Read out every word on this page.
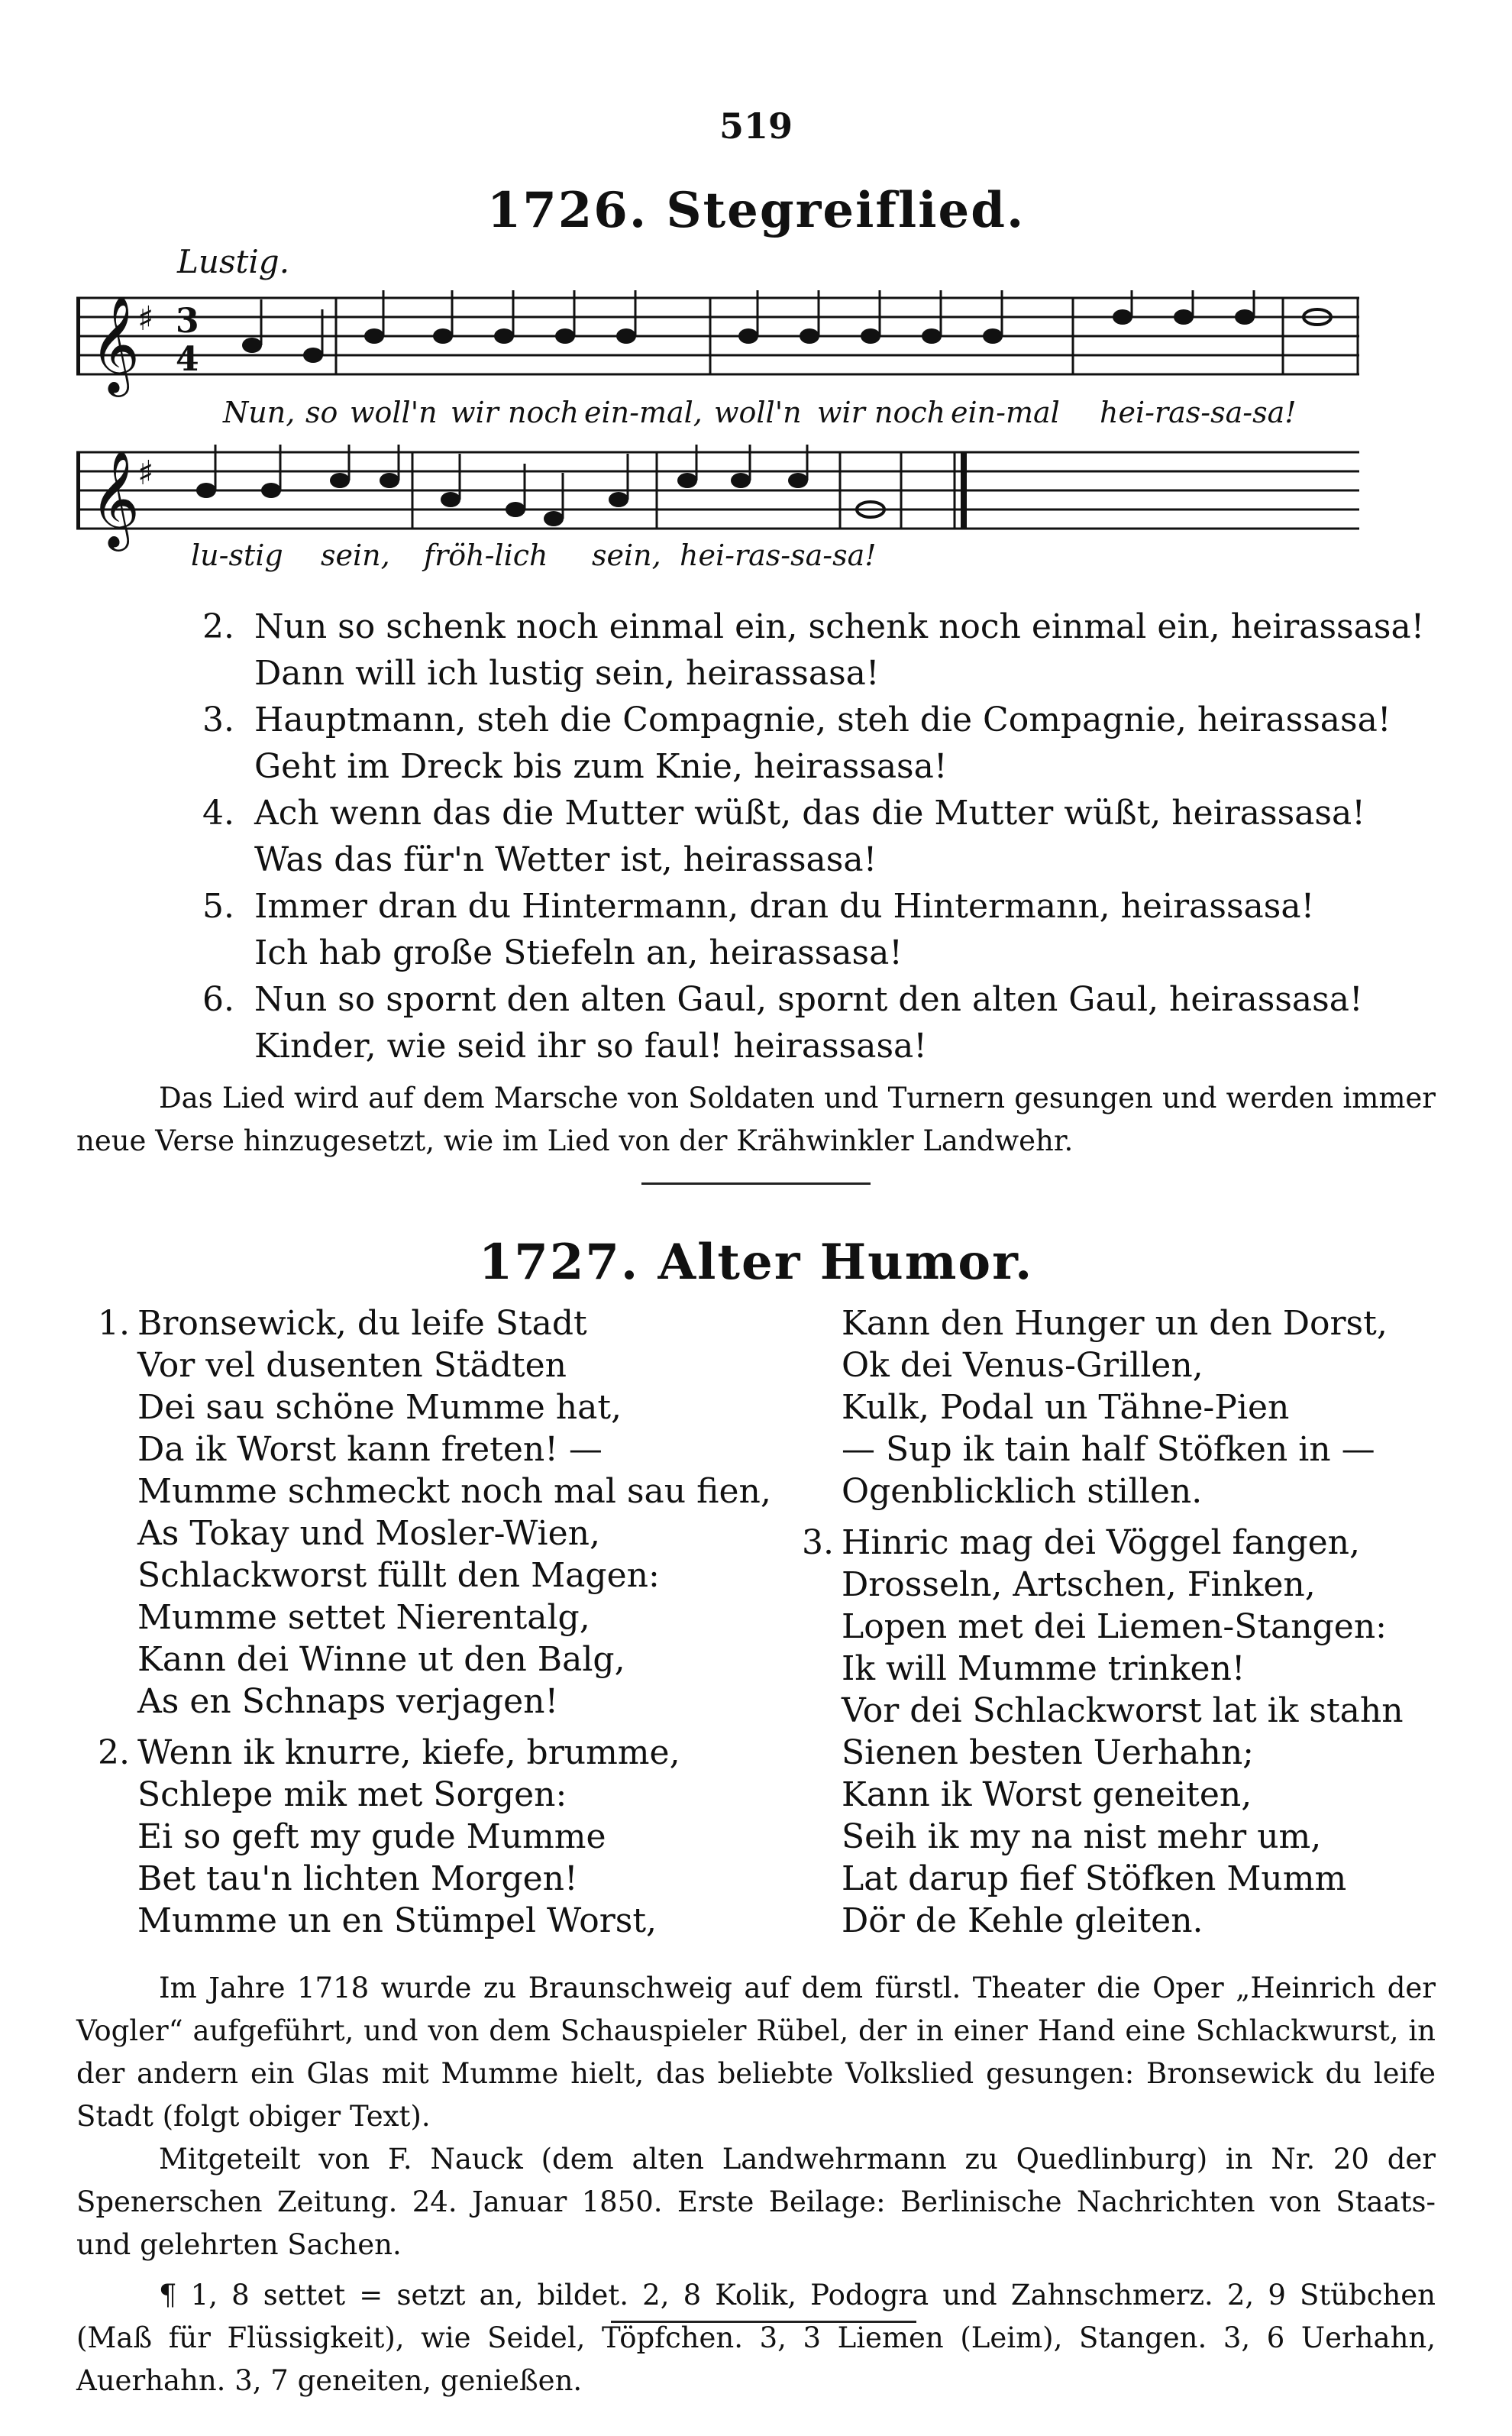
519
1726. Stegreiflied.
Lustig.
𝄞
♯ 3
4
Nun, so woll'n wir noch ein-mal, woll'n wir noch ein-mal hei-ras-sa-sa!
𝄞
♯
lu-stig sein, fröh-lich sein, hei-ras-sa-sa!
2. Nun so schenk noch einmal ein, schenk noch einmal ein, heirassasa!
Dann will ich lustig sein, heirassasa!
3. Hauptmann, steh die Compagnie, steh die Compagnie, heirassasa!
Geht im Dreck bis zum Knie, heirassasa!
4. Ach wenn das die Mutter wüßt, das die Mutter wüßt, heirassasa!
Was das für'n Wetter ist, heirassasa!
5. Immer dran du Hintermann, dran du Hintermann, heirassasa!
Ich hab große Stiefeln an, heirassasa!
6. Nun so spornt den alten Gaul, spornt den alten Gaul, heirassasa!
Kinder, wie seid ihr so faul! heirassasa!

Das Lied wird auf dem Marsche von Soldaten und Turnern gesungen und werden immer neue Verse hinzugesetzt, wie im Lied von der Krähwinkler Landwehr.

1727. Alter Humor.
1. Bronsewick, du leife Stadt
Vor vel dusenten Städten
Dei sau schöne Mumme hat,
Da ik Worst kann freten! —
Mumme schmeckt noch mal sau fien,
As Tokay und Mosler-Wien,
Schlackworst füllt den Magen:
Mumme settet Nierentalg,
Kann dei Winne ut den Balg,
As en Schnaps verjagen!
2. Wenn ik knurre, kiefe, brumme,
Schlepe mik met Sorgen:
Ei so geft my gude Mumme
Bet tau'n lichten Morgen!
Mumme un en Stümpel Worst,
Kann den Hunger un den Dorst,
Ok dei Venus-Grillen,
Kulk, Podal un Tähne-Pien
— Sup ik tain half Stöfken in —
Ogenblicklich stillen.
3. Hinric mag dei Vöggel fangen,
Drosseln, Artschen, Finken,
Lopen met dei Liemen-Stangen:
Ik will Mumme trinken!
Vor dei Schlackworst lat ik stahn
Sienen besten Uerhahn;
Kann ik Worst geneiten,
Seih ik my na nist mehr um,
Lat darup fief Stöfken Mumm
Dör de Kehle gleiten.

Im Jahre 1718 wurde zu Braunschweig auf dem fürstl. Theater die Oper „Heinrich der Vogler“ aufgeführt, und von dem Schauspieler Rübel, der in einer Hand eine Schlackwurst, in der andern ein Glas mit Mumme hielt, das beliebte Volkslied gesungen: Bronsewick du leife Stadt (folgt obiger Text).

Mitgeteilt von F. Nauck (dem alten Landwehrmann zu Quedlinburg) in Nr. 20 der Spenerschen Zeitung. 24. Januar 1850. Erste Beilage: Berlinische Nachrichten von Staats- und gelehrten Sachen.

¶ 1, 8 settet = setzt an, bildet. 2, 8 Kolik, Podogra und Zahnschmerz. 2, 9 Stübchen (Maß für Flüssigkeit), wie Seidel, Töpfchen. 3, 3 Liemen (Leim), Stangen. 3, 6 Uerhahn, Auerhahn. 3, 7 geneiten, genießen.
